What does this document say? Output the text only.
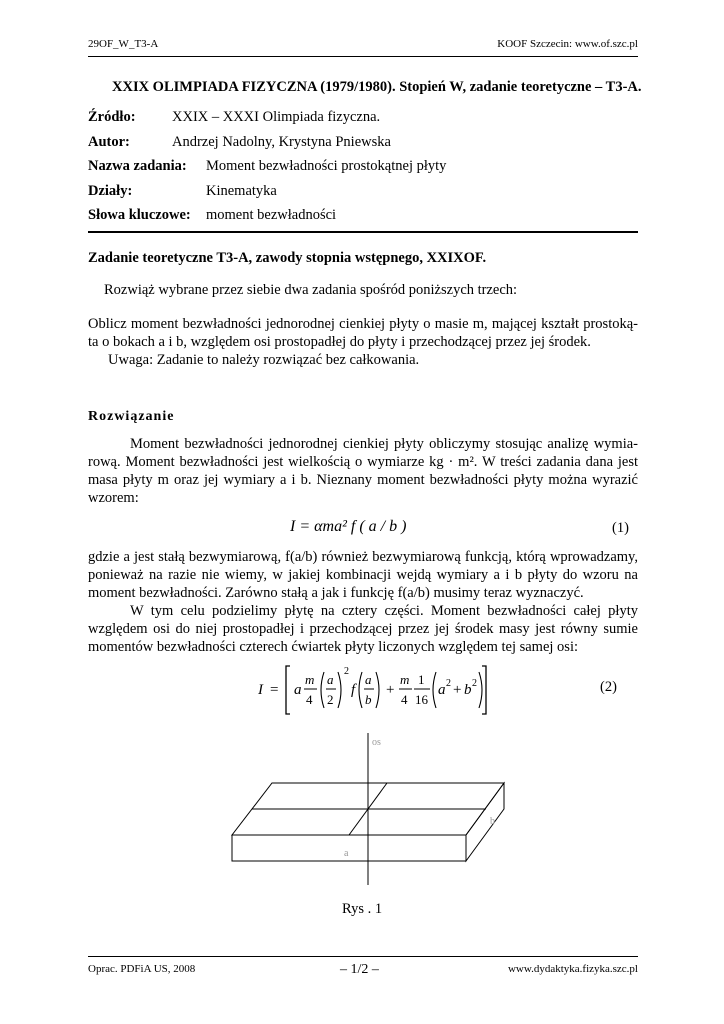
29OF_W_T3-A	KOOF Szczecin: www.of.szc.pl
XXIX OLIMPIADA FIZYCZNA (1979/1980). Stopień W, zadanie teoretyczne – T3-A.
Źródło:	XXIX – XXXI Olimpiada fizyczna.
Autor:	Andrzej Nadolny, Krystyna Pniewska
Nazwa zadania: Moment bezwładności prostokątnej płyty
Działy:	Kinematyka
Słowa kluczowe: moment bezwładności
Zadanie teoretyczne T3-A, zawody stopnia wstępnego, XXIXOF.
Rozwiąż wybrane przez siebie dwa zadania spośród poniższych trzech:
Oblicz moment bezwładności jednorodnej cienkiej płyty o masie m, mającej kształt prostoką-
ta o bokach a i b, względem osi prostopadłej do płyty i przechodzącej przez jej środek.
Uwaga: Zadanie to należy rozwiązać bez całkowania.
Rozwiązanie
Moment bezwładności jednorodnej cienkiej płyty obliczymy stosując analizę wymia-
rową. Moment bezwładności jest wielkością o wymiarze kg · m². W treści zadania dana jest
masa płyty m oraz jej wymiary a i b. Nieznany moment bezwładności płyty można wyrazić
wzorem:
I = αma² f ( a / b )	(1)
gdzie a jest stałą bezwymiarową, f(a/b) również bezwymiarową funkcją, którą wprowadzamy,
ponieważ na razie nie wiemy, w jakiej kombinacji wejdą wymiary a i b płyty do wzoru na
moment bezwładności. Zarówno stałą a jak i funkcję f(a/b) musimy teraz wyznaczyć.
W tym celu podzielimy płytę na cztery części. Moment bezwładności całej płyty
względem osi do niej prostopadłej i przechodzącej przez jej środek masy jest równy sumie
momentów bezwładności czterech ćwiartek płyty liczonych względem tej samej osi:
I = a
m
4
a
2
2
f
a
b
+
m
4
1
16
a 2 + b 2	(2)
os
a
b
Rys . 1
Oprac. PDFiA US, 2008	– 1/2 –	www.dydaktyka.fizyka.szc.pl
